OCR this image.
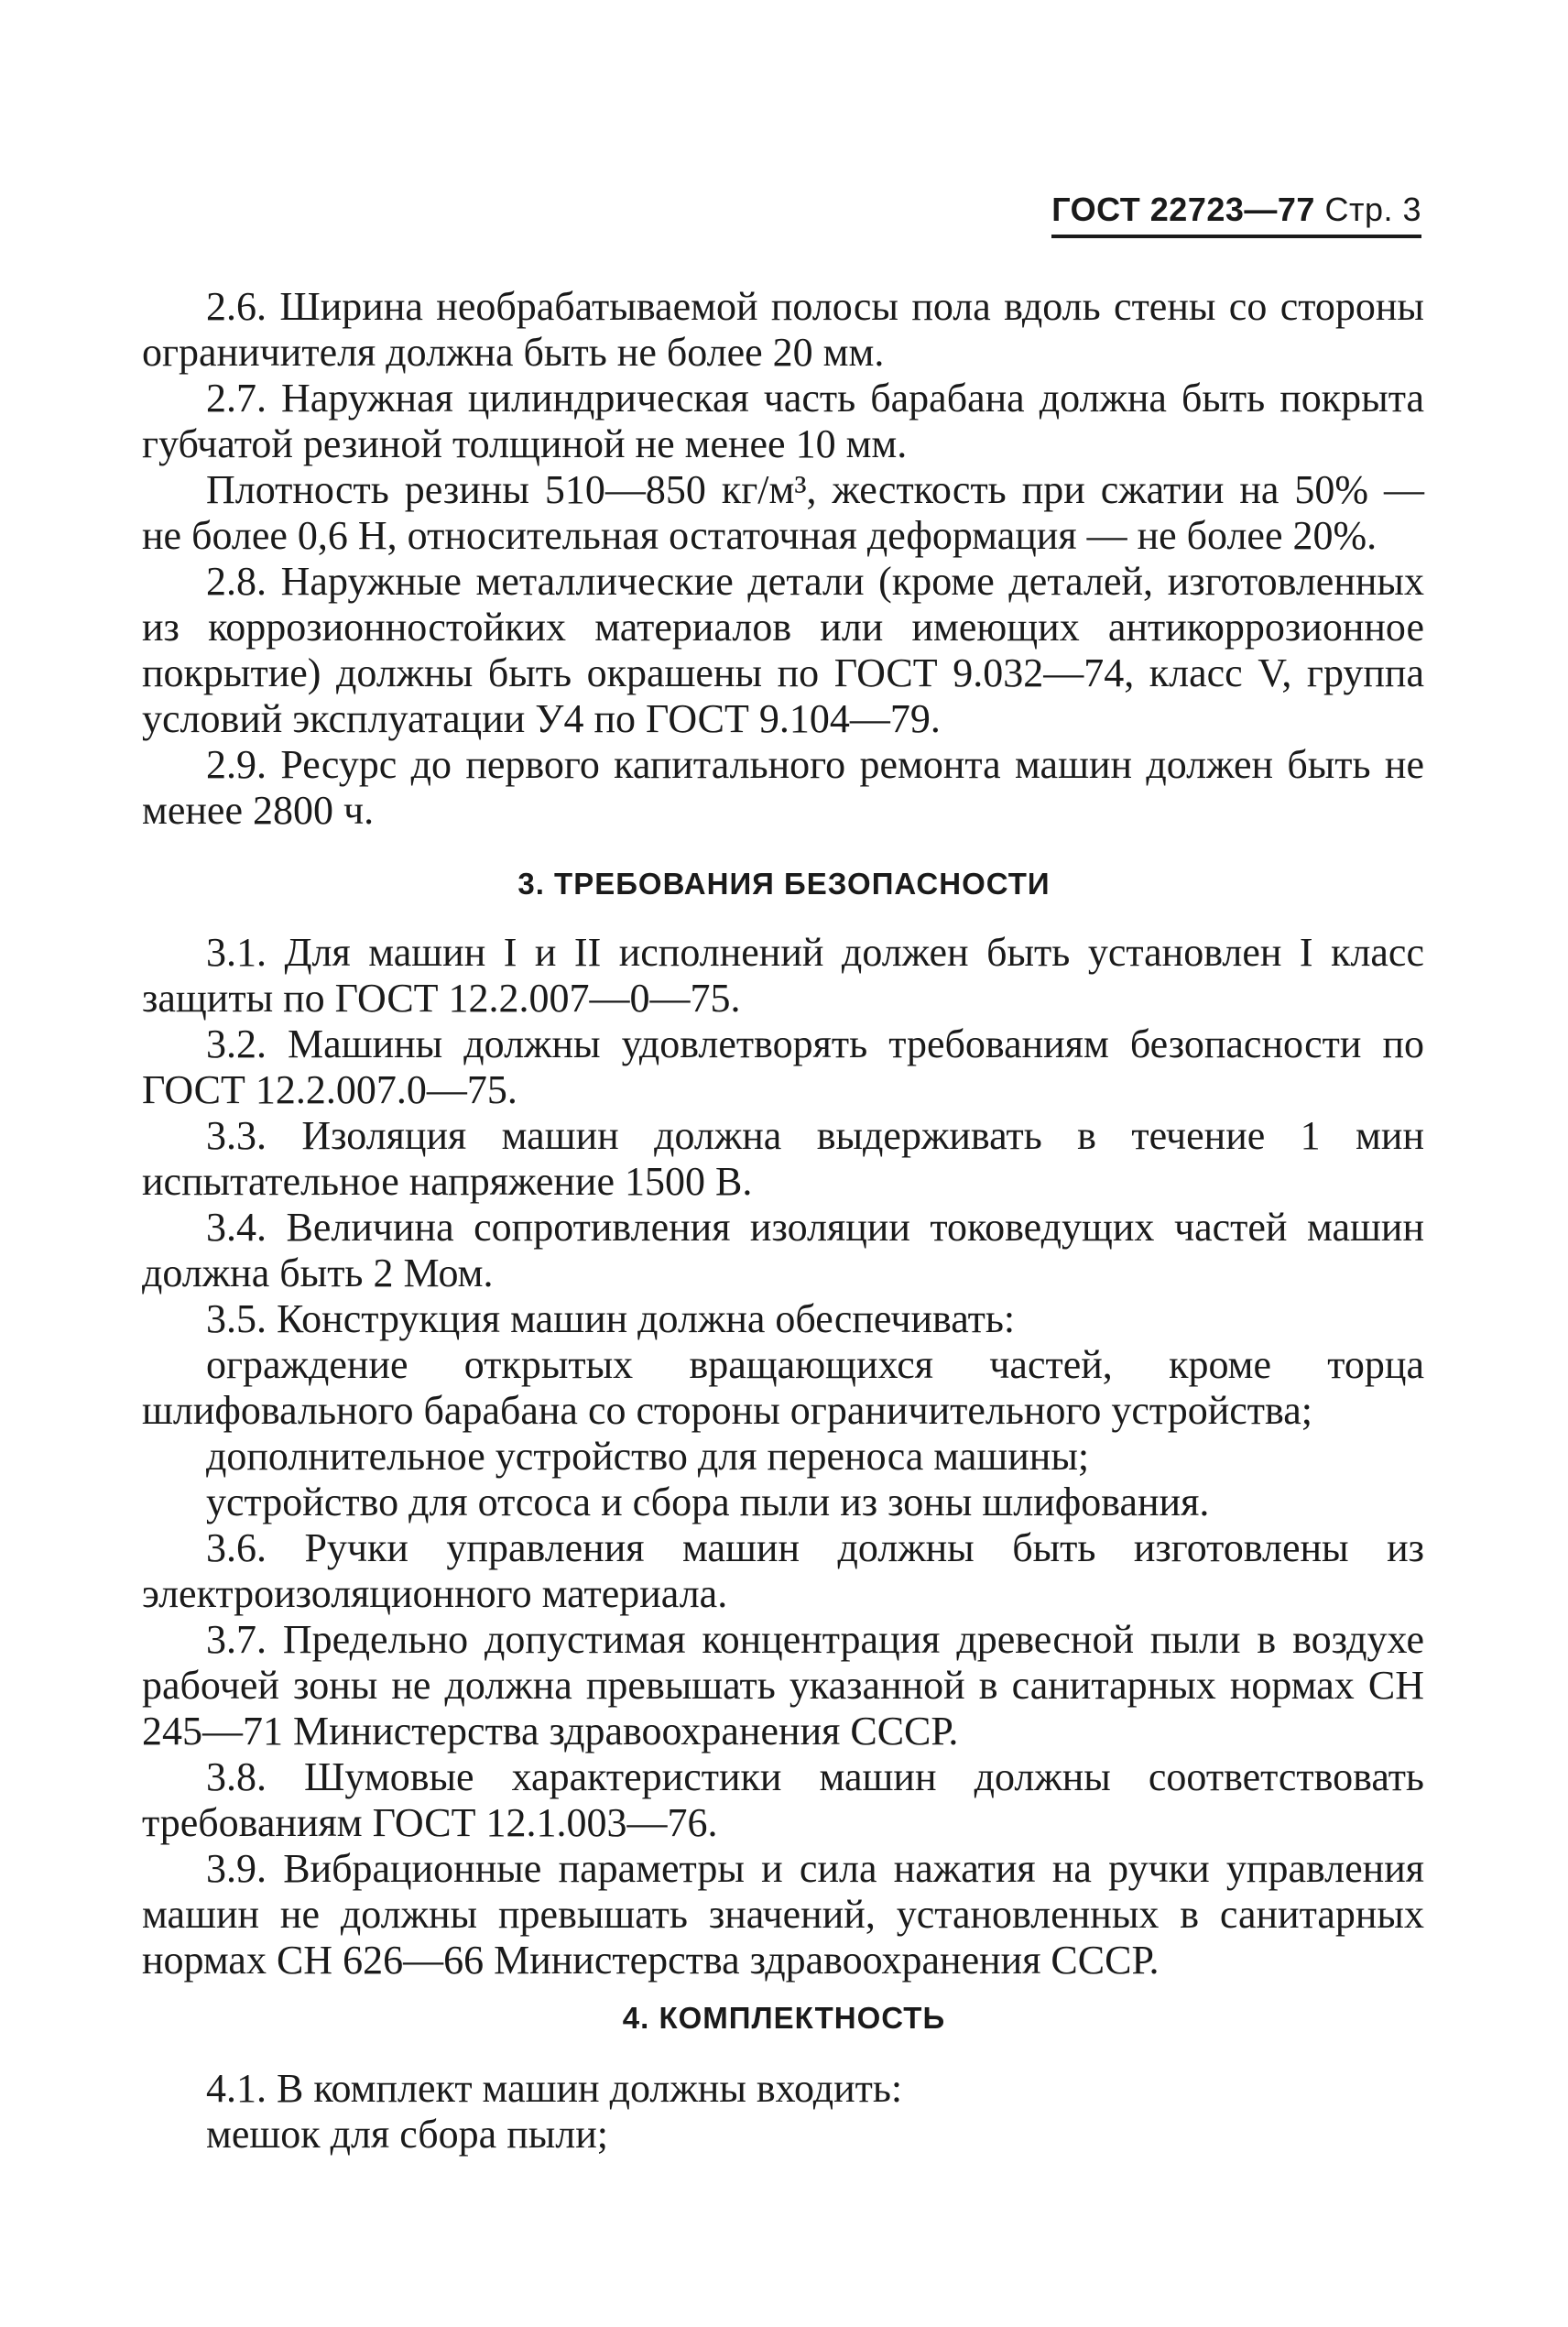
ГОСТ 22723—77 Стр. 3

2.6. Ширина необрабатываемой полосы пола вдоль стены со стороны ограничителя должна быть не более 20 мм.

2.7. Наружная цилиндрическая часть барабана должна быть покрыта губчатой резиной толщиной не менее 10 мм.

Плотность резины 510—850 кг/м³, жесткость при сжатии на 50% — не более 0,6 Н, относительная остаточная деформация — не более 20%.

2.8. Наружные металлические детали (кроме деталей, изготовленных из коррозионностойких материалов или имеющих антикоррозионное покрытие) должны быть окрашены по ГОСТ 9.032—74, класс V, группа условий эксплуатации У4 по ГОСТ 9.104—79.

2.9. Ресурс до первого капитального ремонта машин должен быть не менее 2800 ч.

3. ТРЕБОВАНИЯ БЕЗОПАСНОСТИ

3.1. Для машин I и II исполнений должен быть установлен I класс защиты по ГОСТ 12.2.007—0—75.

3.2. Машины должны удовлетворять требованиям безопасности по ГОСТ 12.2.007.0—75.

3.3. Изоляция машин должна выдерживать в течение 1 мин испытательное напряжение 1500 В.

3.4. Величина сопротивления изоляции токоведущих частей машин должна быть 2 Мом.

3.5. Конструкция машин должна обеспечивать:

ограждение открытых вращающихся частей, кроме торца шлифовального барабана со стороны ограничительного устройства;

дополнительное устройство для переноса машины;

устройство для отсоса и сбора пыли из зоны шлифования.

3.6. Ручки управления машин должны быть изготовлены из электроизоляционного материала.

3.7. Предельно допустимая концентрация древесной пыли в воздухе рабочей зоны не должна превышать указанной в санитарных нормах СН 245—71 Министерства здравоохранения СССР.

3.8. Шумовые характеристики машин должны соответствовать требованиям ГОСТ 12.1.003—76.

3.9. Вибрационные параметры и сила нажатия на ручки управления машин не должны превышать значений, установленных в санитарных нормах СН 626—66 Министерства здравоохранения СССР.

4. КОМПЛЕКТНОСТЬ

4.1. В комплект машин должны входить:

мешок для сбора пыли;
